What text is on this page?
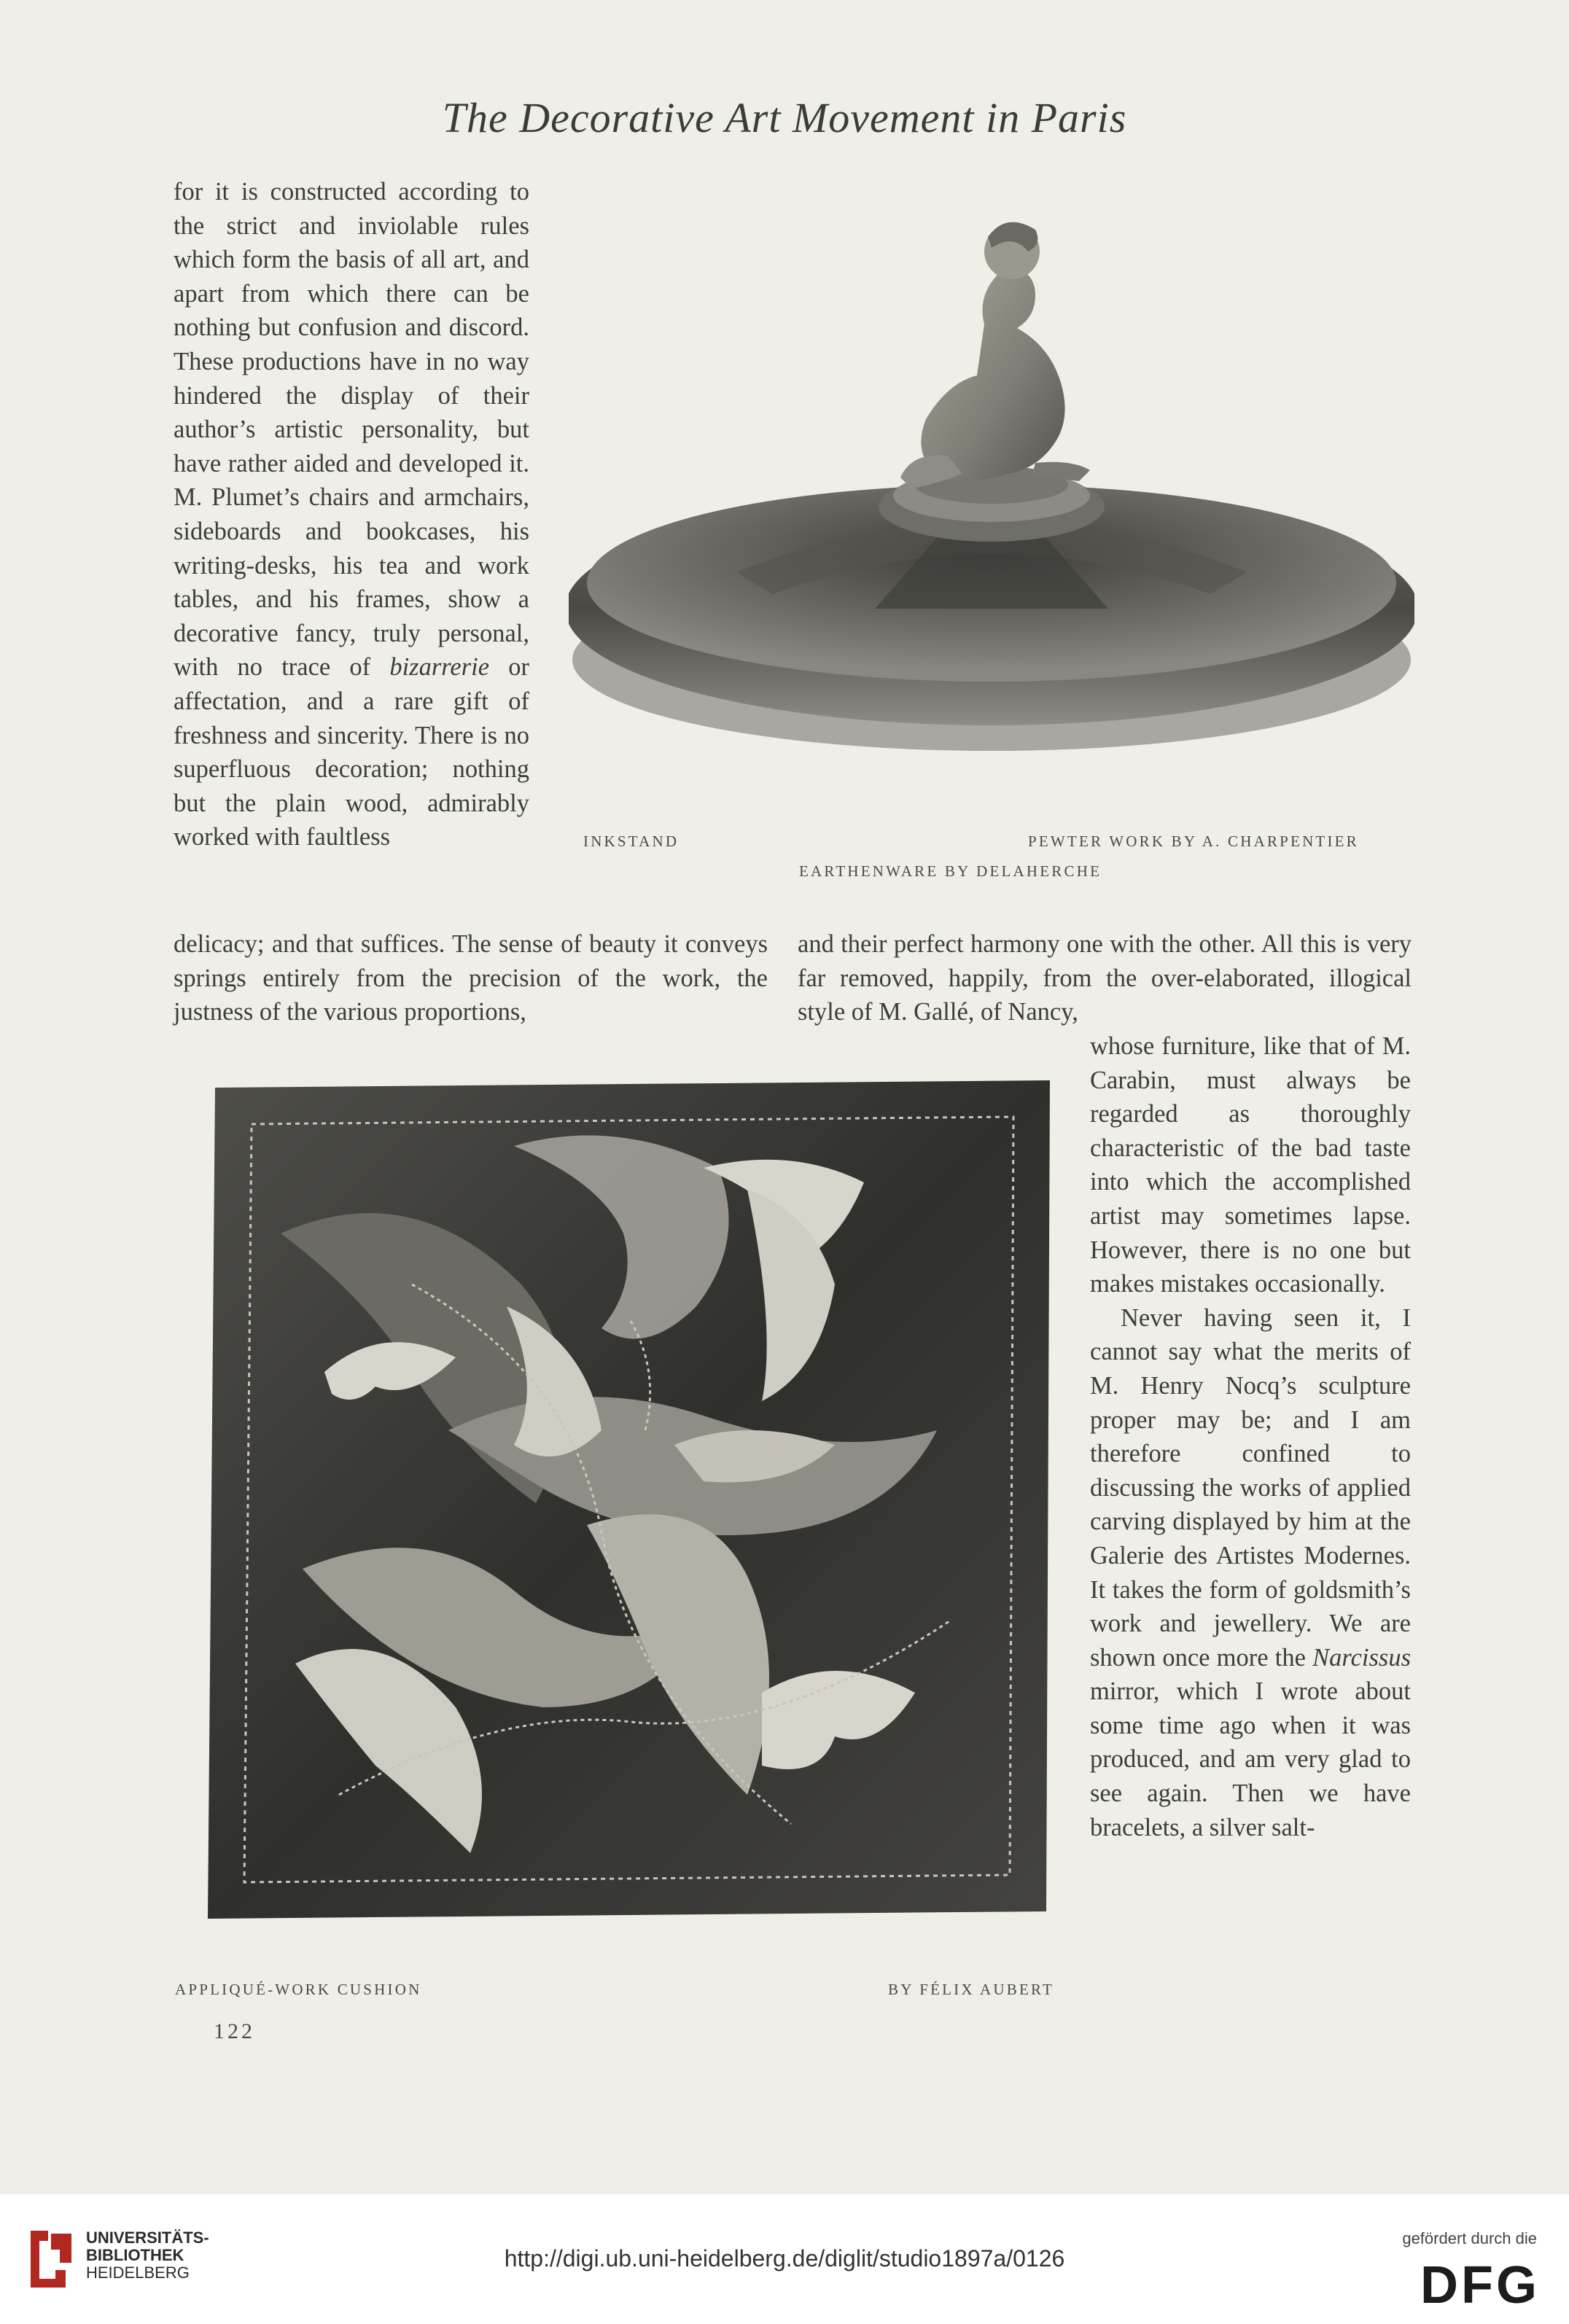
The Decorative Art Movement in Paris

for it is constructed according to the strict and inviolable rules which form the basis of all art, and apart from which there can be nothing but confusion and discord. These productions have in no way hindered the display of their author’s artistic personality, but have rather aided and developed it. M. Plumet’s chairs and armchairs, sideboards and bookcases, his writing-desks, his tea and work tables, and his frames, show a decorative fancy, truly personal, with no trace of bizarrerie or affectation, and a rare gift of freshness and sincerity. There is no superfluous decoration; nothing but the plain wood, admirably worked with faultless	INKSTAND	PEWTER WORK BY A. CHARPENTIER
EARTHENWARE BY DELAHERCHE

delicacy; and that suffices. The sense of beauty it conveys springs entirely from the precision of the work, the justness of the various proportions,

and their perfect harmony one with the other. All this is very far removed, happily, from the over-elaborated, illogical style of M. Gallé, of Nancy,

APPLIQUÉ-WORK CUSHION	BY FÉLIX AUBERT

whose furniture, like that of M. Carabin, must always be regarded as thoroughly characteristic of the bad taste into which the accomplished artist may sometimes lapse. However, there is no one but makes mistakes occasionally.

Never having seen it, I cannot say what the merits of M. Henry Nocq’s sculpture proper may be; and I am therefore confined to discussing the works of applied carving displayed by him at the Galerie des Artistes Modernes. It takes the form of goldsmith’s work and jewellery. We are shown once more the Narcissus mirror, which I wrote about some time ago when it was produced, and am very glad to see again. Then we have bracelets, a silver salt-

122
UNIVERSITÄTS-
BIBLIOTHEK
HEIDELBERG
http://digi.ub.uni-heidelberg.de/diglit/studio1897a/0126
gefördert durch die
DFG
